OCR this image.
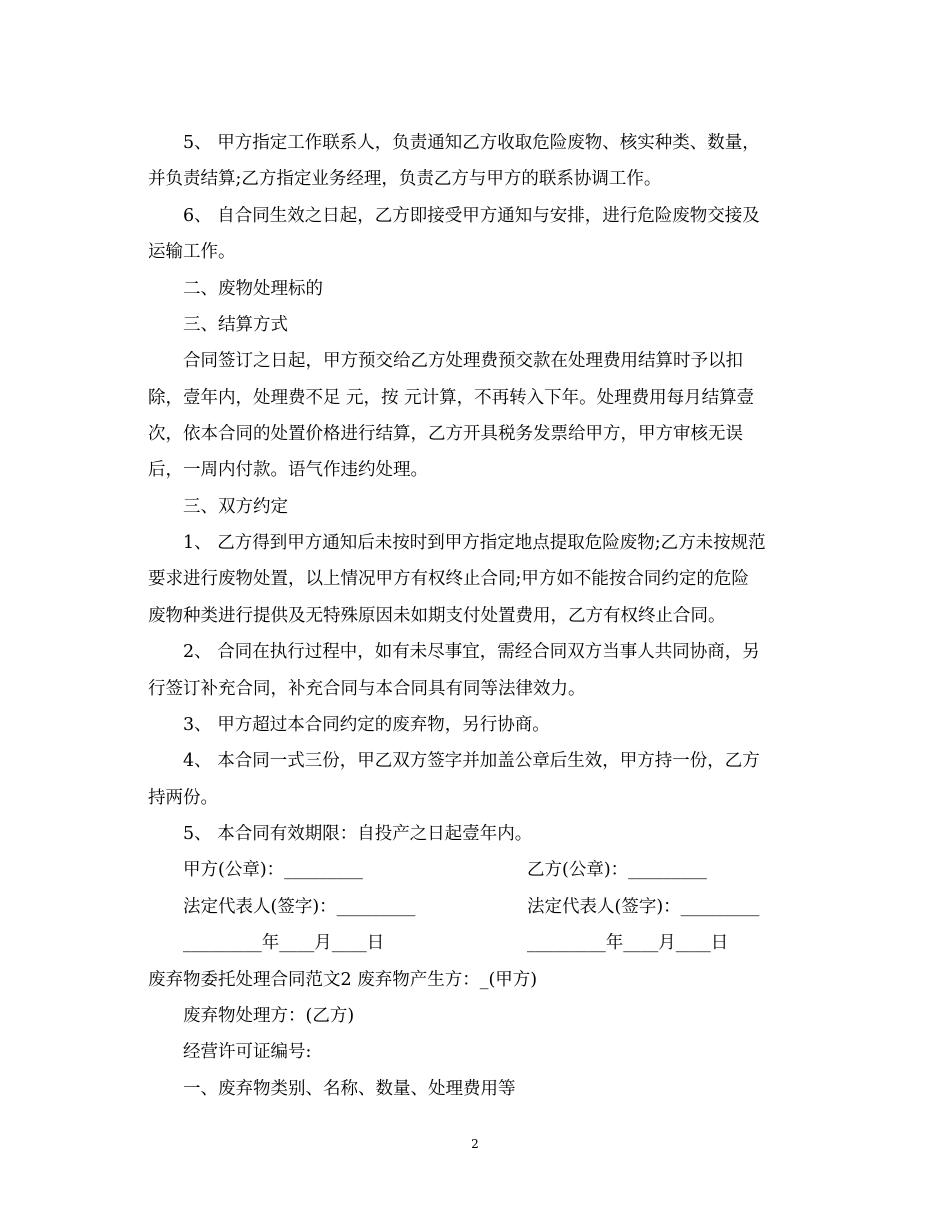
5、 甲方指定工作联系人，负责通知乙方收取危险废物、核实种类、数量，
并负责结算;乙方指定业务经理，负责乙方与甲方的联系协调工作。
6、 自合同生效之日起，乙方即接受甲方通知与安排，进行危险废物交接及
运输工作。
二、废物处理标的
三、结算方式
合同签订之日起，甲方预交给乙方处理费预交款在处理费用结算时予以扣
除，壹年内，处理费不足 元，按 元计算，不再转入下年。处理费用每月结算壹
次，依本合同的处置价格进行结算，乙方开具税务发票给甲方，甲方审核无误
后，一周内付款。语气作违约处理。
三、双方约定
1、 乙方得到甲方通知后未按时到甲方指定地点提取危险废物;乙方未按规范
要求进行废物处置，以上情况甲方有权终止合同;甲方如不能按合同约定的危险
废物种类进行提供及无特殊原因未如期支付处置费用，乙方有权终止合同。
2、 合同在执行过程中，如有未尽事宜，需经合同双方当事人共同协商，另
行签订补充合同，补充合同与本合同具有同等法律效力。
3、 甲方超过本合同约定的废弃物，另行协商。
4、 本合同一式三份，甲乙双方签字并加盖公章后生效，甲方持一份，乙方
持两份。
5、 本合同有效期限：自投产之日起壹年内。
甲方(公章)：_________	乙方(公章)：_________
法定代表人(签字)：_________	法定代表人(签字)：_________
_________年____月____日	_________年____月____日
废弃物委托处理合同范文2 废弃物产生方：_(甲方)
废弃物处理方：(乙方)
经营许可证编号:
一、废弃物类别、名称、数量、处理费用等
2
